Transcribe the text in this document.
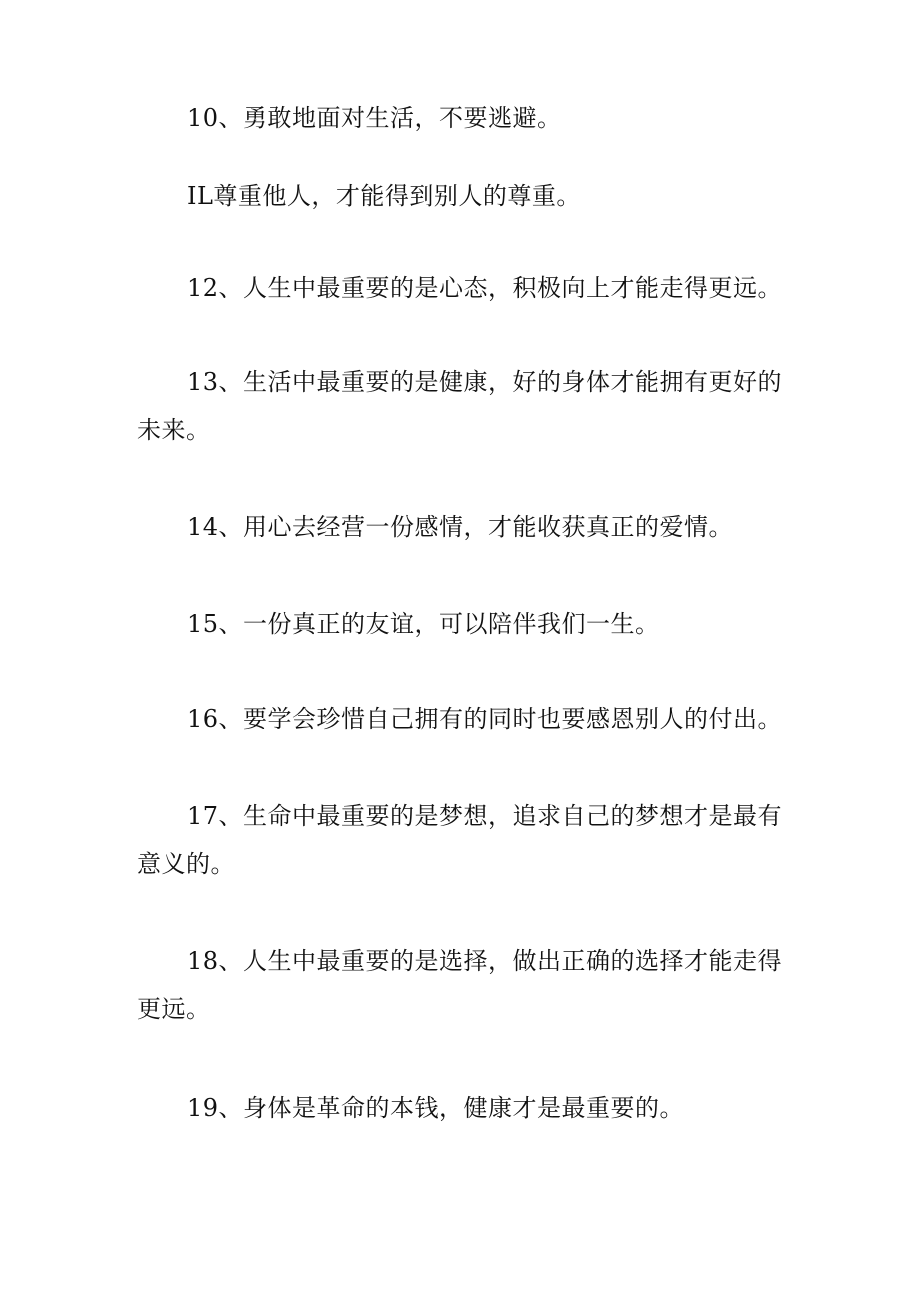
10、勇敢地面对生活，不要逃避。

IL尊重他人，才能得到别人的尊重。

12、人生中最重要的是心态，积极向上才能走得更远。

13、生活中最重要的是健康，好的身体才能拥有更好的未来。

14、用心去经营一份感情，才能收获真正的爱情。

15、一份真正的友谊，可以陪伴我们一生。

16、要学会珍惜自己拥有的同时也要感恩别人的付出。

17、生命中最重要的是梦想，追求自己的梦想才是最有意义的。

18、人生中最重要的是选择，做出正确的选择才能走得更远。

19、身体是革命的本钱，健康才是最重要的。
